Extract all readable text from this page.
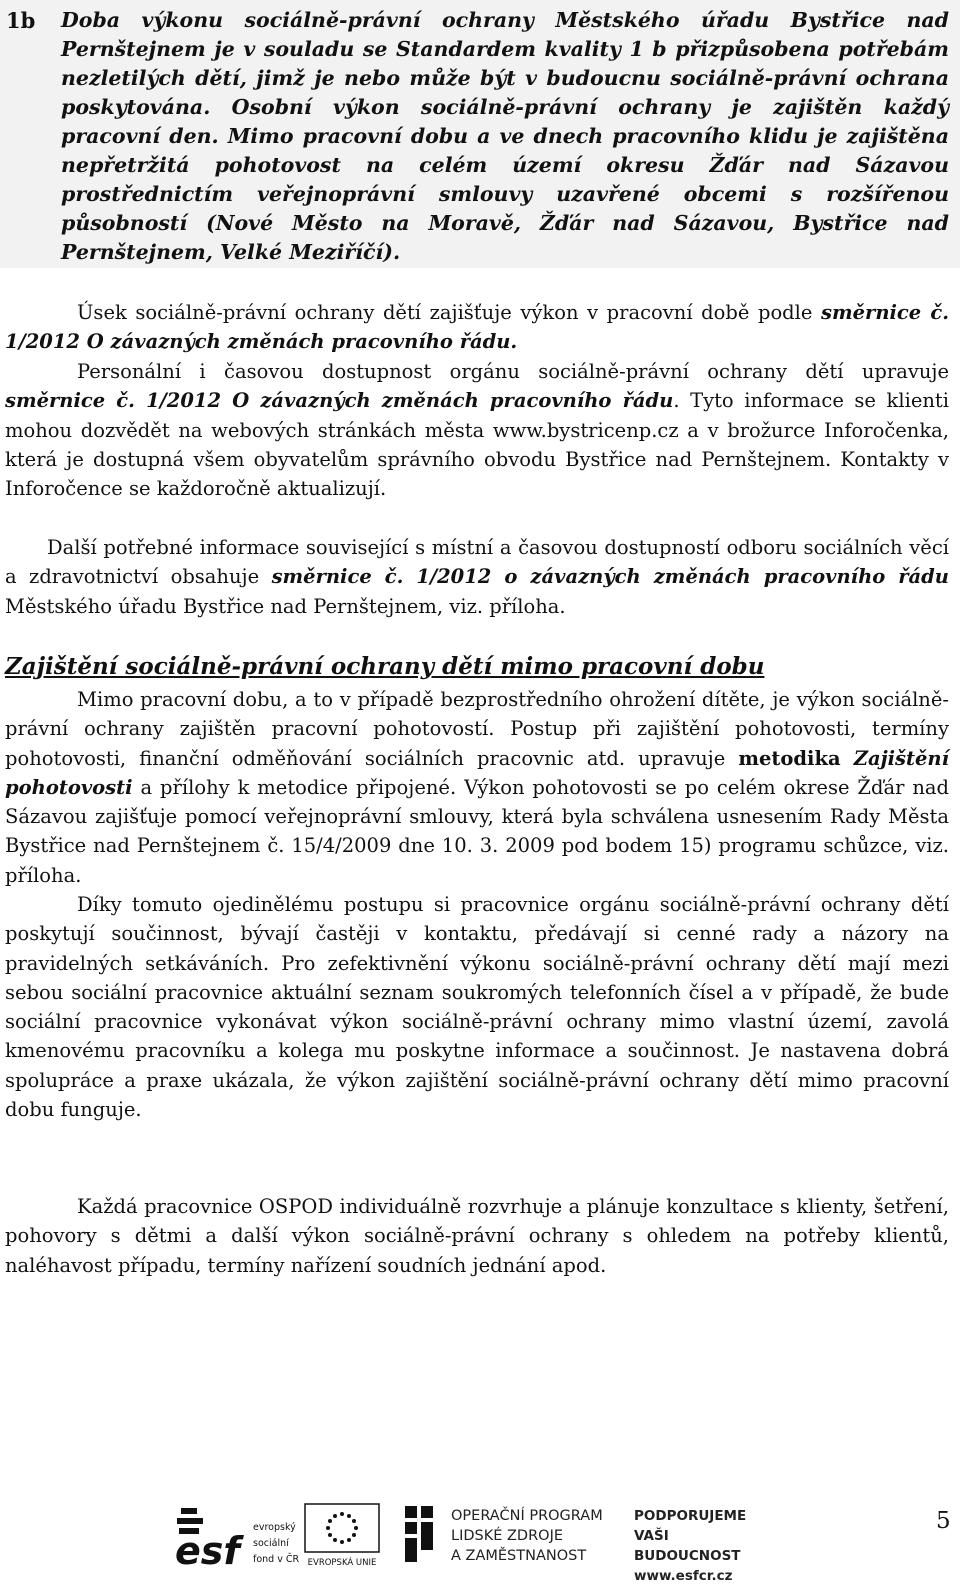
1b Doba výkonu sociálně-právní ochrany Městského úřadu Bystřice nad Pernštejnem je v souladu se Standardem kvality 1 b přizpůsobena potřebám nezletilých dětí, jimž je nebo může být v budoucnu sociálně-právní ochrana poskytována. Osobní výkon sociálně-právní ochrany je zajištěn každý pracovní den. Mimo pracovní dobu a ve dnech pracovního klidu je zajištěna nepřetržitá pohotovost na celém území okresu Žďár nad Sázavou prostřednictím veřejnoprávní smlouvy uzavřené obcemi s rozšířenou působností (Nové Město na Moravě, Žďár nad Sázavou, Bystřice nad Pernštejnem, Velké Meziříčí).

Úsek sociálně-právní ochrany dětí zajišťuje výkon v pracovní době podle směrnice č. 1/2012 O závazných změnách pracovního řádu.

Personální i časovou dostupnost orgánu sociálně-právní ochrany dětí upravuje směrnice č. 1/2012 O závazných změnách pracovního řádu. Tyto informace se klienti mohou dozvědět na webových stránkách města www.bystricenp.cz a v brožurce Inforočenka, která je dostupná všem obyvatelům správního obvodu Bystřice nad Pernštejnem. Kontakty v Inforočence se každoročně aktualizují.

Další potřebné informace související s místní a časovou dostupností odboru sociálních věcí a zdravotnictví obsahuje směrnice č. 1/2012 o závazných změnách pracovního řádu Městského úřadu Bystřice nad Pernštejnem, viz. příloha.

Zajištění sociálně-právní ochrany dětí mimo pracovní dobu

Mimo pracovní dobu, a to v případě bezprostředního ohrožení dítěte, je výkon sociálně-právní ochrany zajištěn pracovní pohotovostí. Postup při zajištění pohotovosti, termíny pohotovosti, finanční odměňování sociálních pracovnic atd. upravuje metodika Zajištění pohotovosti a přílohy k metodice připojené. Výkon pohotovosti se po celém okrese Žďár nad Sázavou zajišťuje pomocí veřejnoprávní smlouvy, která byla schválena usnesením Rady Města Bystřice nad Pernštejnem č. 15/4/2009 dne 10. 3. 2009 pod bodem 15) programu schůzce, viz. příloha.

Díky tomuto ojedinělému postupu si pracovnice orgánu sociálně-právní ochrany dětí poskytují součinnost, bývají častěji v kontaktu, předávají si cenné rady a názory na pravidelných setkáváních. Pro zefektivnění výkonu sociálně-právní ochrany dětí mají mezi sebou sociální pracovnice aktuální seznam soukromých telefonních čísel a v případě, že bude sociální pracovnice vykonávat výkon sociálně-právní ochrany mimo vlastní území, zavolá kmenovému pracovníku a kolega mu poskytne informace a součinnost. Je nastavena dobrá spolupráce a praxe ukázala, že výkon zajištění sociálně-právní ochrany dětí mimo pracovní dobu funguje.

Každá pracovnice OSPOD individuálně rozvrhuje a plánuje konzultace s klienty, šetření, pohovory s dětmi a další výkon sociálně-právní ochrany s ohledem na potřeby klientů, naléhavost případu, termíny nařízení soudních jednání apod.

esf
evropský
sociální
fond v ČR EVROPSKÁ UNIE

OPERAČNÍ PROGRAM
LIDSKÉ ZDROJE
A ZAMĚSTNANOST

PODPORUJEME
VAŠI BUDOUCNOST
www.esfcr.cz

5
